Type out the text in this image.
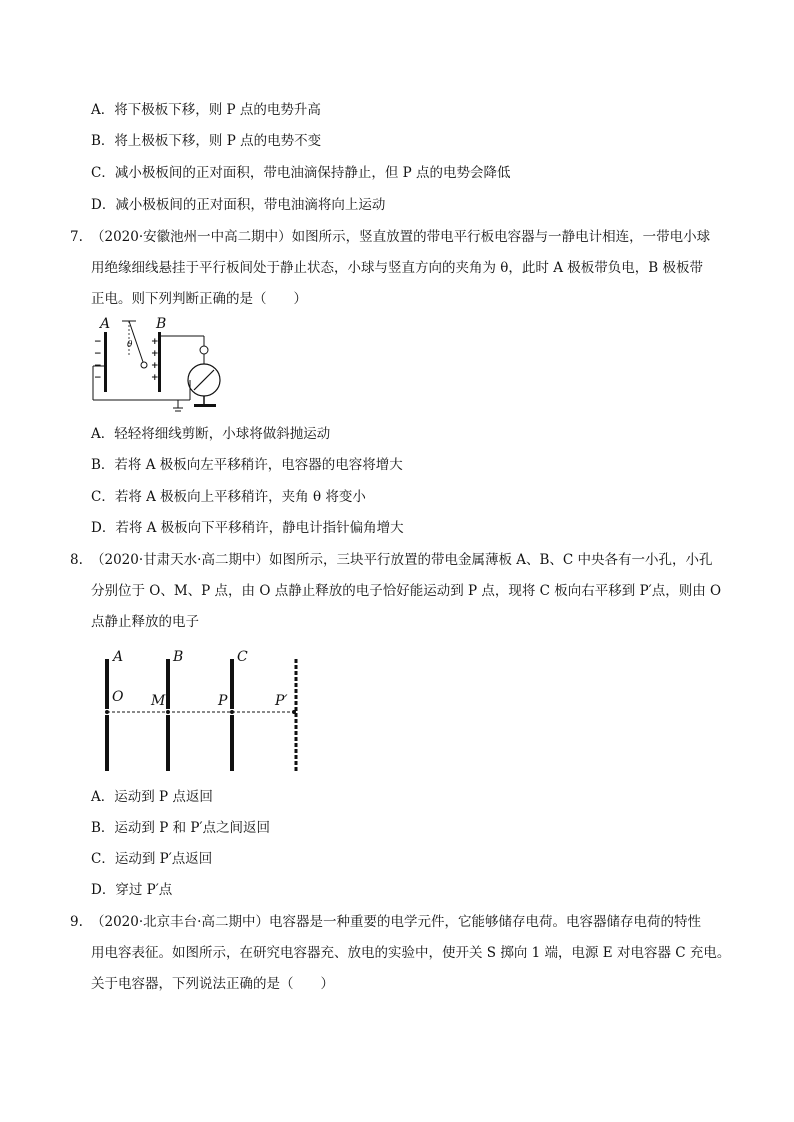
A．将下极板下移，则 P 点的电势升高
B．将上极板下移，则 P 点的电势不变
C．减小极板间的正对面积，带电油滴保持静止，但 P 点的电势会降低
D．减小极板间的正对面积，带电油滴将向上运动
7. （2020·安徽池州一中高二期中）如图所示，竖直放置的带电平行板电容器与一静电计相连，一带电小球
用绝缘细线悬挂于平行板间处于静止状态，小球与竖直方向的夹角为 θ，此时 A 极板带负电，B 极板带
正电。则下列判断正确的是（　　）
A
−
−
−
−
B
+
+
+
+
θ
A．轻轻将细线剪断，小球将做斜抛运动
B．若将 A 极板向左平移稍许，电容器的电容将增大
C．若将 A 极板向上平移稍许，夹角 θ 将变小
D．若将 A 极板向下平移稍许，静电计指针偏角增大
8. （2020·甘肃天水·高二期中）如图所示，三块平行放置的带电金属薄板 A、B、C 中央各有一小孔，小孔
分别位于 O、M、P 点，由 O 点静止释放的电子恰好能运动到 P 点，现将 C 板向右平移到 P′点，则由 O
点静止释放的电子
A
O
B
M
C
P	P′
A．运动到 P 点返回
B．运动到 P 和 P′点之间返回
C．运动到 P′点返回
D．穿过 P′点
9. （2020·北京丰台·高二期中）电容器是一种重要的电学元件，它能够储存电荷。电容器储存电荷的特性
用电容表征。如图所示，在研究电容器充、放电的实验中，使开关 S 掷向 1 端，电源 E 对电容器 C 充电。
关于电容器，下列说法正确的是（　　）
